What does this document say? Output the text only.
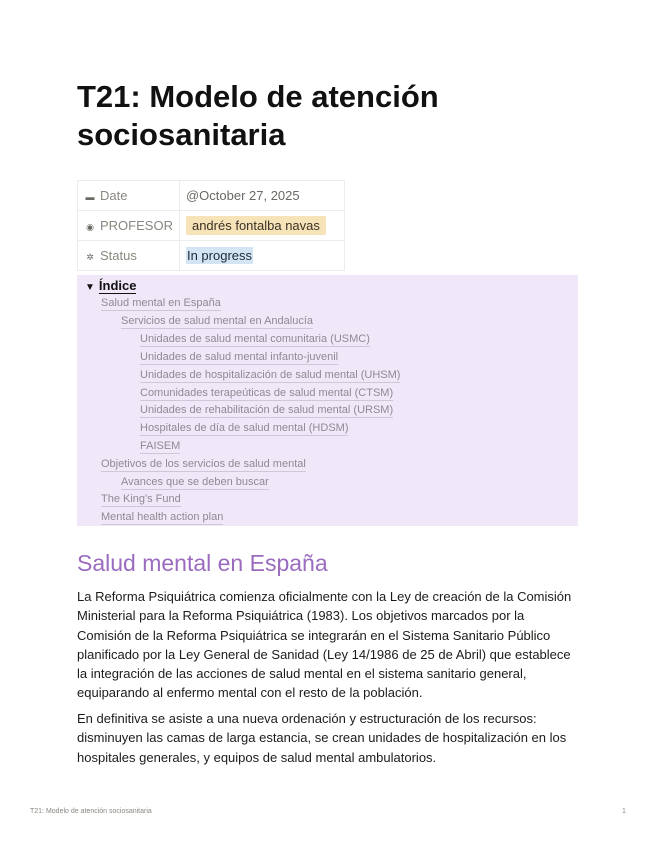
T21: Modelo de atención sociosanitaria
▬ Date	@October 27, 2025
◉ PROFESOR	andrés fontalba navas
✲ Status	In progress
▼ Índice
Salud mental en España
Servicios de salud mental en Andalucía
Unidades de salud mental comunitaria (USMC)
Unidades de salud mental infanto-juvenil
Unidades de hospitalización de salud mental (UHSM)
Comunidades terapeúticas de salud mental (CTSM)
Unidades de rehabilitación de salud mental (URSM)
Hospitales de día de salud mental (HDSM)
FAISEM
Objetivos de los servicios de salud mental
Avances que se deben buscar
The King's Fund
Mental health action plan
Salud mental en España

La Reforma Psiquiátrica comienza oficialmente con la Ley de creación de la Comisión Ministerial para la Reforma Psiquiátrica (1983). Los objetivos marcados por la Comisión de la Reforma Psiquiátrica se integrarán en el Sistema Sanitario Público planificado por la Ley General de Sanidad (Ley 14/1986 de 25 de Abril) que establece la integración de las acciones de salud mental en el sistema sanitario general, equiparando al enfermo mental con el resto de la población.

En definitiva se asiste a una nueva ordenación y estructuración de los recursos: disminuyen las camas de larga estancia, se crean unidades de hospitalización en los hospitales generales, y equipos de salud mental ambulatorios.

T21: Modelo de atención sociosanitaria	1
